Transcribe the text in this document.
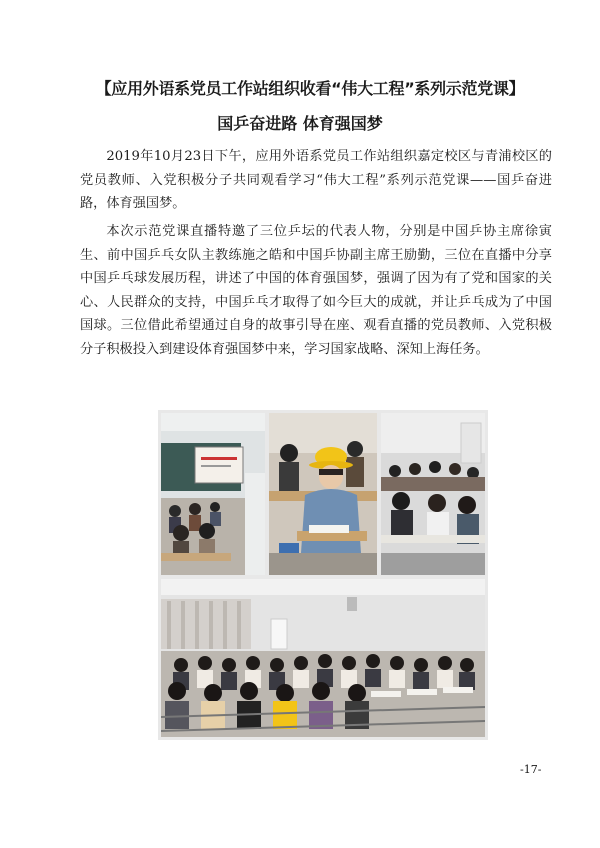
【应用外语系党员工作站组织收看“伟大工程”系列示范党课】
国乒奋进路 体育强国梦

2019年10月23日下午，应用外语系党员工作站组织嘉定校区与青浦校区的党员教师、入党积极分子共同观看学习“伟大工程”系列示范党课——国乒奋进路，体育强国梦。

本次示范党课直播特邀了三位乒坛的代表人物，分别是中国乒协主席徐寅生、前中国乒乓女队主教练施之皓和中国乒协副主席王励勤，三位在直播中分享中国乒乓球发展历程，讲述了中国的体育强国梦，强调了因为有了党和国家的关心、人民群众的支持，中国乒乓才取得了如今巨大的成就，并让乒乓成为了中国国球。三位借此希望通过自身的故事引导在座、观看直播的党员教师、入党积极分子积极投入到建设体育强国梦中来，学习国家战略、深知上海任务。

-17-
